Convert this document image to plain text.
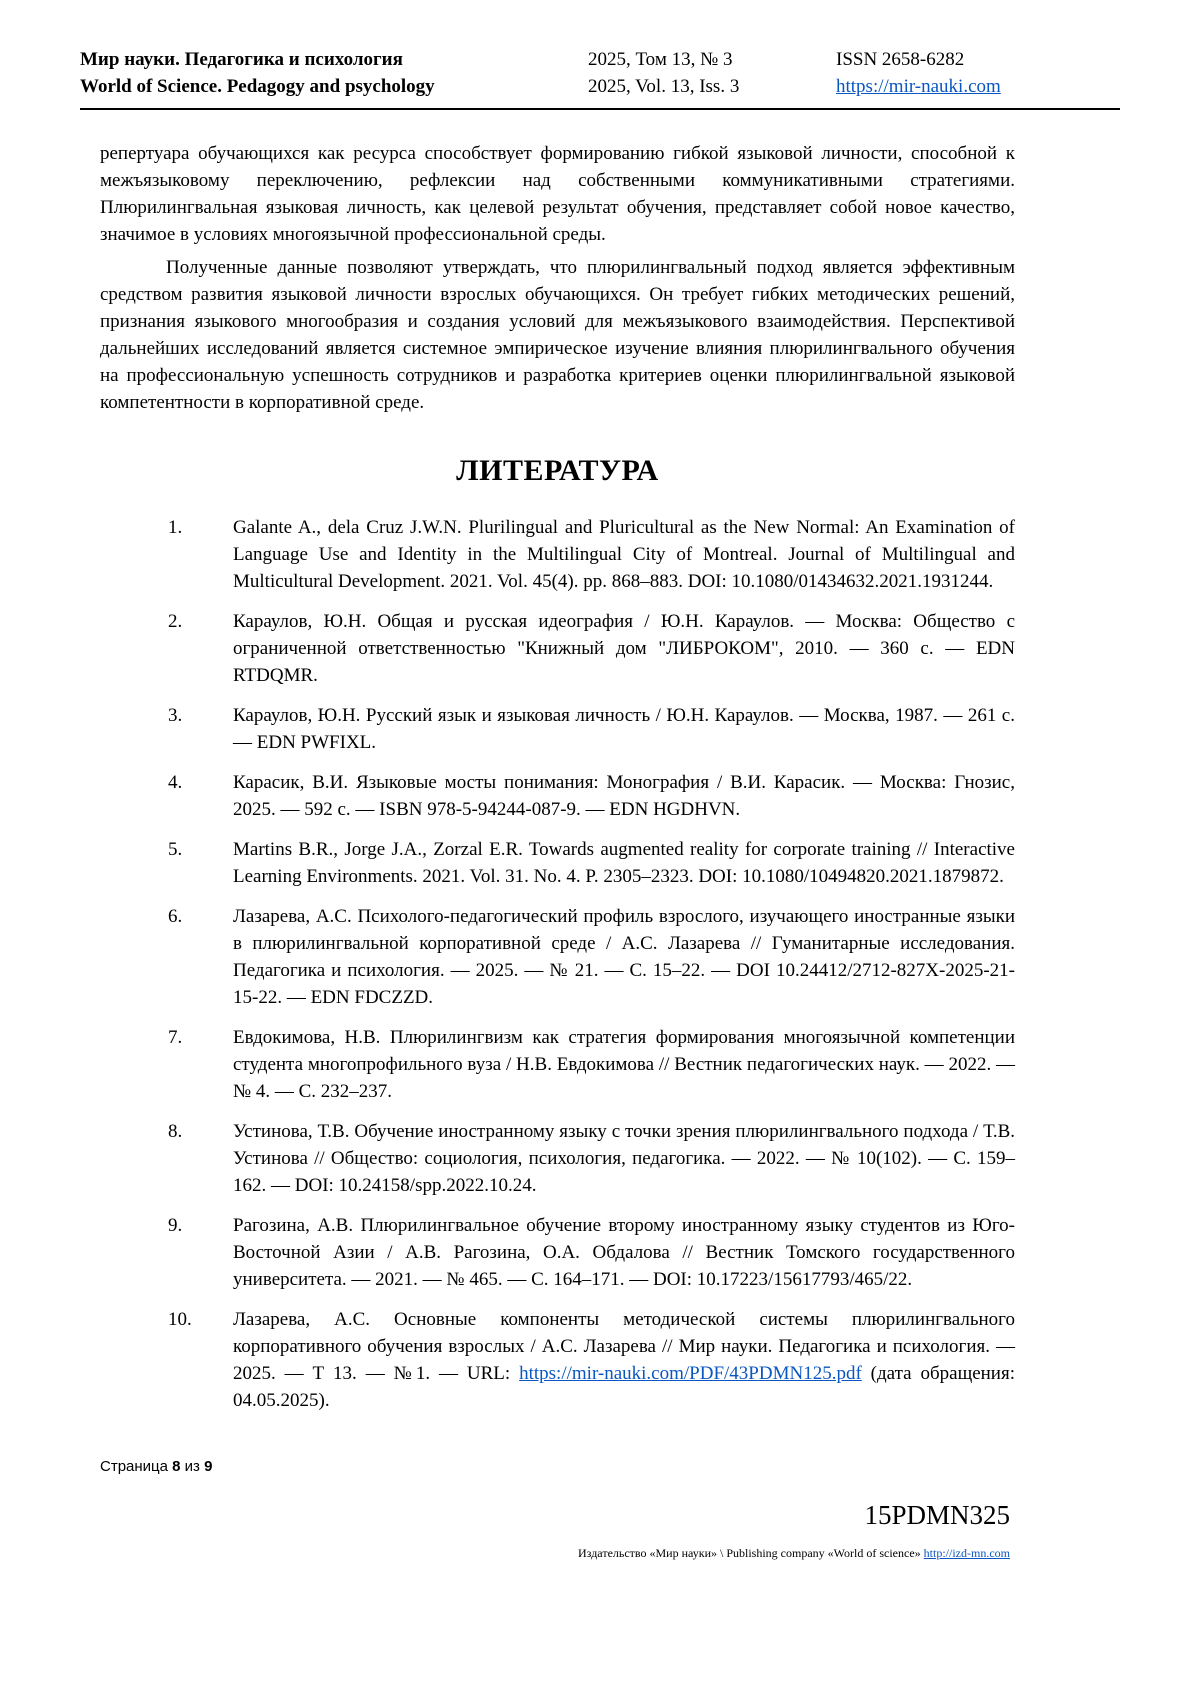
Мир науки. Педагогика и психология
World of Science. Pedagogy and psychology
2025, Том 13, № 3
2025, Vol. 13, Iss. 3
ISSN 2658-6282
https://mir-nauki.com

репертуара обучающихся как ресурса способствует формированию гибкой языковой личности, способной к межъязыковому переключению, рефлексии над собственными коммуникативными стратегиями. Плюрилингвальная языковая личность, как целевой результат обучения, представляет собой новое качество, значимое в условиях многоязычной профессиональной среды.

Полученные данные позволяют утверждать, что плюрилингвальный подход является эффективным средством развития языковой личности взрослых обучающихся. Он требует гибких методических решений, признания языкового многообразия и создания условий для межъязыкового взаимодействия. Перспективой дальнейших исследований является системное эмпирическое изучение влияния плюрилингвального обучения на профессиональную успешность сотрудников и разработка критериев оценки плюрилингвальной языковой компетентности в корпоративной среде.

ЛИТЕРАТУРА
1.	Galante A., dela Cruz J.W.N. Plurilingual and Pluricultural as the New Normal: An Examination of Language Use and Identity in the Multilingual City of Montreal. Journal of Multilingual and Multicultural Development. 2021. Vol. 45(4). pp. 868–883. DOI: 10.1080/01434632.2021.1931244.
2.	Караулов, Ю.Н. Общая и русская идеография / Ю.Н. Караулов. — Москва: Общество с ограниченной ответственностью "Книжный дом "ЛИБРОКОМ", 2010. — 360 с. — EDN RTDQMR.
3.	Караулов, Ю.Н. Русский язык и языковая личность / Ю.Н. Караулов. — Москва, 1987. — 261 с. — EDN PWFIXL.
4.	Карасик, В.И. Языковые мосты понимания: Монография / В.И. Карасик. — Москва: Гнозис, 2025. — 592 с. — ISBN 978-5-94244-087-9. — EDN HGDHVN.
5.	Martins B.R., Jorge J.A., Zorzal E.R. Towards augmented reality for corporate training // Interactive Learning Environments. 2021. Vol. 31. No. 4. P. 2305–2323. DOI: 10.1080/10494820.2021.1879872.
6.	Лазарева, А.С. Психолого-педагогический профиль взрослого, изучающего иностранные языки в плюрилингвальной корпоративной среде / А.С. Лазарева // Гуманитарные исследования. Педагогика и психология. — 2025. — № 21. — С. 15–22. — DOI 10.24412/2712-827X-2025-21-15-22. — EDN FDCZZD.
7.	Евдокимова, Н.В. Плюрилингвизм как стратегия формирования многоязычной компетенции студента многопрофильного вуза / Н.В. Евдокимова // Вестник педагогических наук. — 2022. — № 4. — С. 232–237.
8.	Устинова, Т.В. Обучение иностранному языку с точки зрения плюрилингвального подхода / Т.В. Устинова // Общество: социология, психология, педагогика. — 2022. — № 10(102). — С. 159–162. — DOI: 10.24158/spp.2022.10.24.
9.	Рагозина, А.В. Плюрилингвальное обучение второму иностранному языку студентов из Юго-Восточной Азии / А.В. Рагозина, О.А. Обдалова // Вестник Томского государственного университета. — 2021. — № 465. — С. 164–171. — DOI: 10.17223/15617793/465/22.
10. Лазарева, А.С. Основные компоненты методической системы плюрилингвального корпоративного обучения взрослых / А.С. Лазарева // Мир науки. Педагогика и психология. — 2025. — Т 13. — №1. — URL: https://mir-nauki.com/PDF/43PDMN125.pdf (дата обращения: 04.05.2025).
Страница 8 из 9
15PDMN325
Издательство «Мир науки» \ Publishing company «World of science» http://izd-mn.com
